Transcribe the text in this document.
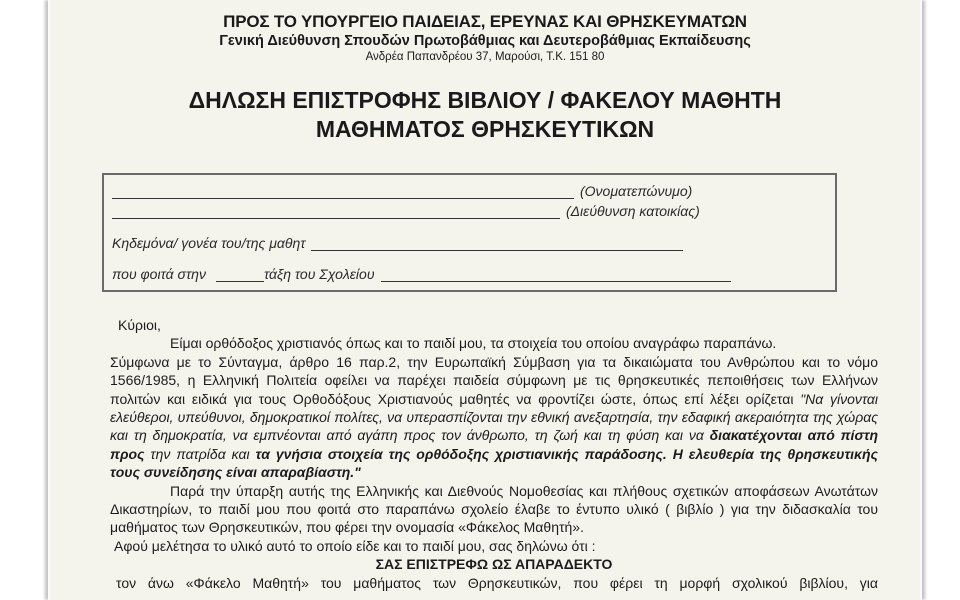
ΠΡΟΣ ΤΟ ΥΠΟΥΡΓΕΙΟ ΠΑΙΔΕΙΑΣ, ΕΡΕΥΝΑΣ ΚΑΙ ΘΡΗΣΚΕΥΜΑΤΩΝ
Γενική Διεύθυνση Σπουδών Πρωτοβάθμιας και Δευτεροβάθμιας Εκπαίδευσης
Ανδρέα Παπανδρέου 37, Μαρούσι, Τ.Κ. 151 80
ΔΗΛΩΣΗ ΕΠΙΣΤΡΟΦΗΣ ΒΙΒΛΙΟΥ / ΦΑΚΕΛΟΥ ΜΑΘΗΤΗ
ΜΑΘΗΜΑΤΟΣ ΘΡΗΣΚΕΥΤΙΚΩΝ
(Ονοματεπώνυμο)
(Διεύθυνση κατοικίας)
Κηδεμόνα/ γονέα του/της μαθητ
που φοιτά στην	τάξη του Σχολείου

Κύριοι,

Είμαι ορθόδοξος χριστιανός όπως και το παιδί μου, τα στοιχεία του οποίου αναγράφω παραπάνω.

Σύμφωνα με το Σύνταγμα, άρθρο 16 παρ.2, την Ευρωπαϊκή Σύμβαση για τα δικαιώματα του Ανθρώπου και το νόμο 1566/1985, η Ελληνική Πολιτεία οφείλει να παρέχει παιδεία σύμφωνη με τις θρησκευτικές πεποιθήσεις των Ελλήνων πολιτών και ειδικά για τους Ορθοδόξους Χριστιανούς μαθητές να φροντίζει ώστε, όπως επί λέξει ορίζεται "Να γίνονται ελεύθεροι, υπεύθυνοι, δημοκρατικοί πολίτες, να υπερασπίζονται την εθνική ανεξαρτησία, την εδαφική ακεραιότητα της χώρας και τη δημοκρατία, να εμπνέονται από αγάπη προς τον άνθρωπο, τη ζωή και τη φύση και να διακατέχονται από πίστη προς την πατρίδα και τα γνήσια στοιχεία της ορθόδοξης χριστιανικής παράδοσης. Η ελευθερία της θρησκευτικής τους συνείδησης είναι απαραβίαστη."

Παρά την ύπαρξη αυτής της Ελληνικής και Διεθνούς Νομοθεσίας και πλήθους σχετικών αποφάσεων Ανωτάτων Δικαστηρίων, το παιδί μου που φοιτά στο παραπάνω σχολείο έλαβε το έντυπο υλικό ( βιβλίο ) για την διδασκαλία του μαθήματος των Θρησκευτικών, που φέρει την ονομασία «Φάκελος Μαθητή».

Αφού μελέτησα το υλικό αυτό το οποίο είδε και το παιδί μου, σας δηλώνω ότι :

ΣΑΣ ΕΠΙΣΤΡΕΦΩ ΩΣ ΑΠΑΡΑΔΕΚΤΟ

τον άνω «Φάκελο Μαθητή» του μαθήματος των Θρησκευτικών, που φέρει τη μορφή σχολικού βιβλίου, για
